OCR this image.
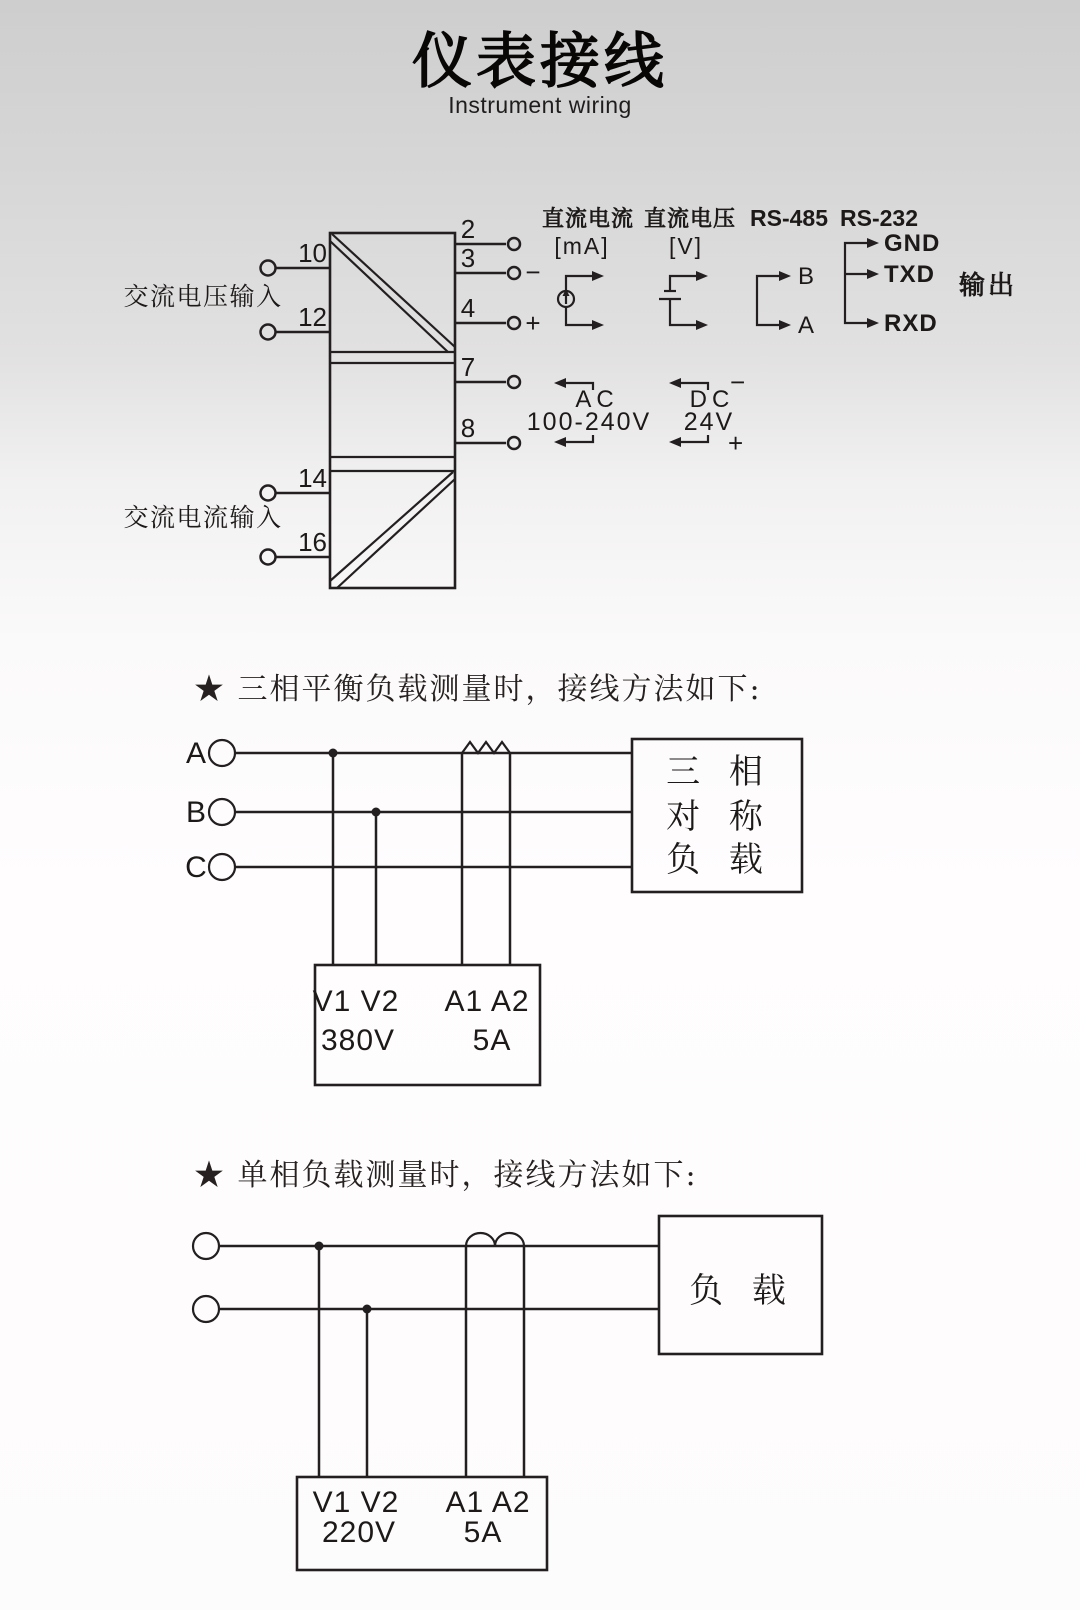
仪表接线
Instrument wiring
交流电压输入
10
12
交流电流输入
14
16
2
3 −
4 +
7
8
直流电流
[mA]
直流电压
[V]
RS-485
B
A
RS-232
GND
TXD
RXD
输出
AC
100-240V
−
+
DC
24V
A
B
C
三 相
对 称
负 载
V1 V2 A1 A2
380V	5A
负 载
V1 V2 A1 A2
220V 5A
★ 三相平衡负载测量时，接线方法如下:
★ 单相负载测量时，接线方法如下:
